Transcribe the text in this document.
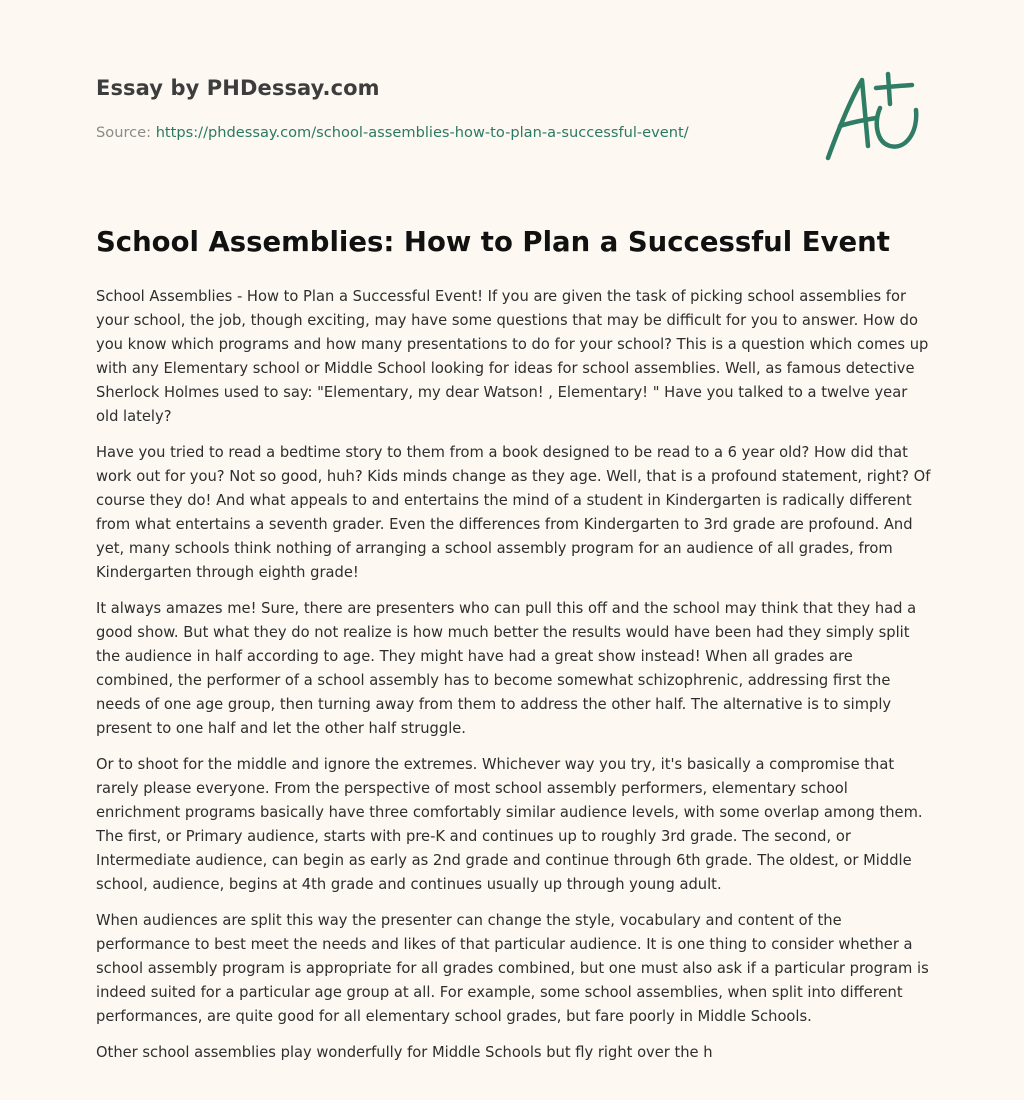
Essay by PHDessay.com
Source: https://phdessay.com/school-assemblies-how-to-plan-a-successful-event/
School Assemblies: How to Plan a Successful Event

School Assemblies - How to Plan a Successful Event! If you are given the task of picking school assemblies for your school, the job, though exciting, may have some questions that may be difficult for you to answer. How do you know which programs and how many presentations to do for your school? This is a question which comes up with any Elementary school or Middle School looking for ideas for school assemblies. Well, as famous detective Sherlock Holmes used to say: "Elementary, my dear Watson! , Elementary! " Have you talked to a twelve year old lately?

Have you tried to read a bedtime story to them from a book designed to be read to a 6 year old? How did that work out for you? Not so good, huh? Kids minds change as they age. Well, that is a profound statement, right? Of course they do! And what appeals to and entertains the mind of a student in Kindergarten is radically different from what entertains a seventh grader. Even the differences from Kindergarten to 3rd grade are profound. And yet, many schools think nothing of arranging a school assembly program for an audience of all grades, from Kindergarten through eighth grade!

It always amazes me! Sure, there are presenters who can pull this off and the school may think that they had a good show. But what they do not realize is how much better the results would have been had they simply split the audience in half according to age. They might have had a great show instead! When all grades are combined, the performer of a school assembly has to become somewhat schizophrenic, addressing first the needs of one age group, then turning away from them to address the other half. The alternative is to simply present to one half and let the other half struggle.

Or to shoot for the middle and ignore the extremes. Whichever way you try, it's basically a compromise that rarely please everyone. From the perspective of most school assembly performers, elementary school enrichment programs basically have three comfortably similar audience levels, with some overlap among them. The first, or Primary audience, starts with pre-K and continues up to roughly 3rd grade. The second, or Intermediate audience, can begin as early as 2nd grade and continue through 6th grade. The oldest, or Middle school, audience, begins at 4th grade and continues usually up through young adult.

When audiences are split this way the presenter can change the style, vocabulary and content of the performance to best meet the needs and likes of that particular audience. It is one thing to consider whether a school assembly program is appropriate for all grades combined, but one must also ask if a particular program is indeed suited for a particular age group at all. For example, some school assemblies, when split into different performances, are quite good for all elementary school grades, but fare poorly in Middle Schools.

Other school assemblies play wonderfully for Middle Schools but fly right over the h
